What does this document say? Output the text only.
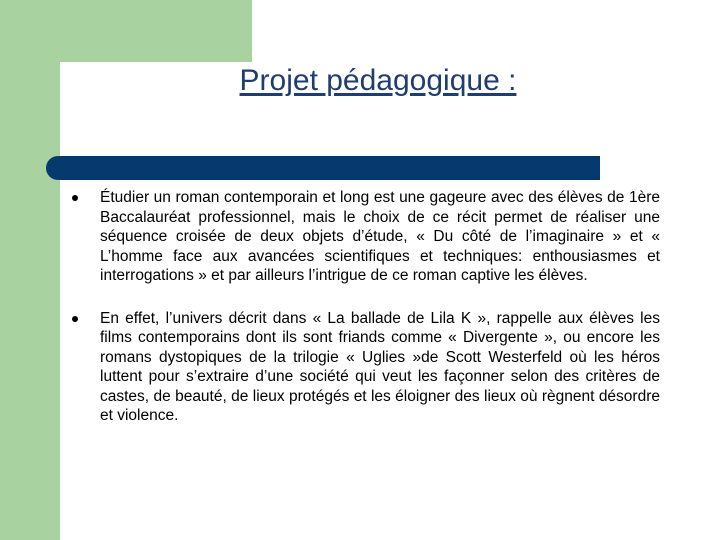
Projet pédagogique :
Étudier un roman contemporain et long est une gageure avec des élèves de 1ère Baccalauréat professionnel, mais le choix de ce récit permet de réaliser une séquence croisée de deux objets d’étude, « Du côté de l’imaginaire » et « L’homme face aux avancées scientifiques et techniques: enthousiasmes et interrogations » et par ailleurs l’intrigue de ce roman captive les élèves.
En effet, l’univers décrit dans « La ballade de Lila K », rappelle aux élèves les films contemporains dont ils sont friands comme « Divergente », ou encore les romans dystopiques de la trilogie « Uglies »de Scott Westerfeld où les héros luttent pour s’extraire d’une société qui veut les façonner selon des critères de castes, de beauté, de lieux protégés et les éloigner des lieux où règnent désordre et violence.
